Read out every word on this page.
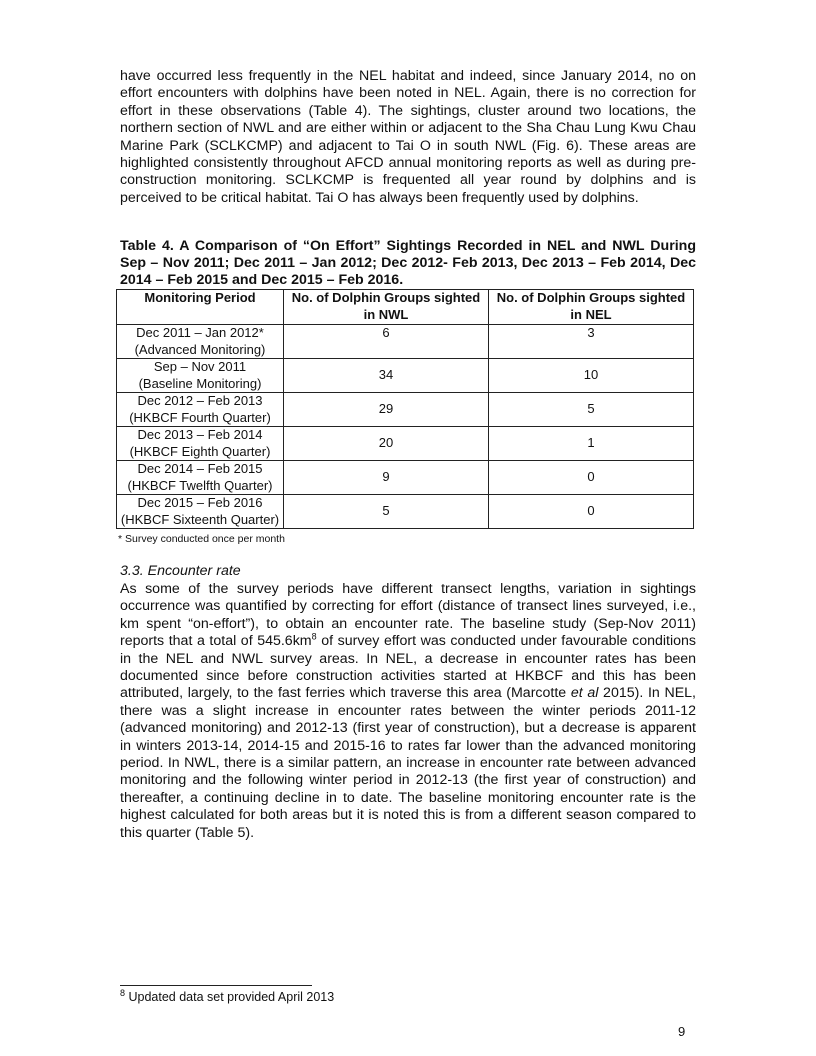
have occurred less frequently in the NEL habitat and indeed, since January 2014, no on effort encounters with dolphins have been noted in NEL. Again, there is no correction for effort in these observations (Table 4). The sightings, cluster around two locations, the northern section of NWL and are either within or adjacent to the Sha Chau Lung Kwu Chau Marine Park (SCLKCMP) and adjacent to Tai O in south NWL (Fig. 6). These areas are highlighted consistently throughout AFCD annual monitoring reports as well as during pre- construction monitoring. SCLKCMP is frequented all year round by dolphins and is perceived to be critical habitat. Tai O has always been frequently used by dolphins.

Table 4. A Comparison of “On Effort” Sightings Recorded in NEL and NWL During Sep – Nov 2011; Dec 2011 – Jan 2012; Dec 2012- Feb 2013, Dec 2013 – Feb 2014, Dec 2014 – Feb 2015 and Dec 2015 – Feb 2016.

Monitoring Period	No. of Dolphin Groups sighted in NWL	No. of Dolphin Groups sighted in NEL

Dec 2011 – Jan 2012*
(Advanced Monitoring)	6	3

Sep – Nov 2011
(Baseline Monitoring)	34	10

Dec 2012 – Feb 2013
(HKBCF Fourth Quarter)	29	5

Dec 2013 – Feb 2014
(HKBCF Eighth Quarter)	20	1

Dec 2014 – Feb 2015
(HKBCF Twelfth Quarter)	9	0

Dec 2015 – Feb 2016
(HKBCF Sixteenth Quarter)	5	0
* Survey conducted once per month

3.3. Encounter rate

As some of the survey periods have different transect lengths, variation in sightings occurrence was quantified by correcting for effort (distance of transect lines surveyed, i.e., km spent “on-effort”), to obtain an encounter rate. The baseline study (Sep-Nov 2011) reports that a total of $545.6km^8$ of survey effort was conducted under favourable conditions in the NEL and NWL survey areas. In NEL, a decrease in encounter rates has been documented since before construction activities started at HKBCF and this has been attributed, largely, to the fast ferries which traverse this area (Marcotte et al 2015). In NEL, there was a slight increase in encounter rates between the winter periods 2011-12 (advanced monitoring) and 2012-13 (first year of construction), but a decrease is apparent in winters 2013-14, 2014-15 and 2015-16 to rates far lower than the advanced monitoring period. In NWL, there is a similar pattern, an increase in encounter rate between advanced monitoring and the following winter period in 2012-13 (the first year of construction) and thereafter, a continuing decline in to date. The baseline monitoring encounter rate is the highest calculated for both areas but it is noted this is from a different season compared to this quarter (Table 5).

$^8$ Updated data set provided April 2013
9
